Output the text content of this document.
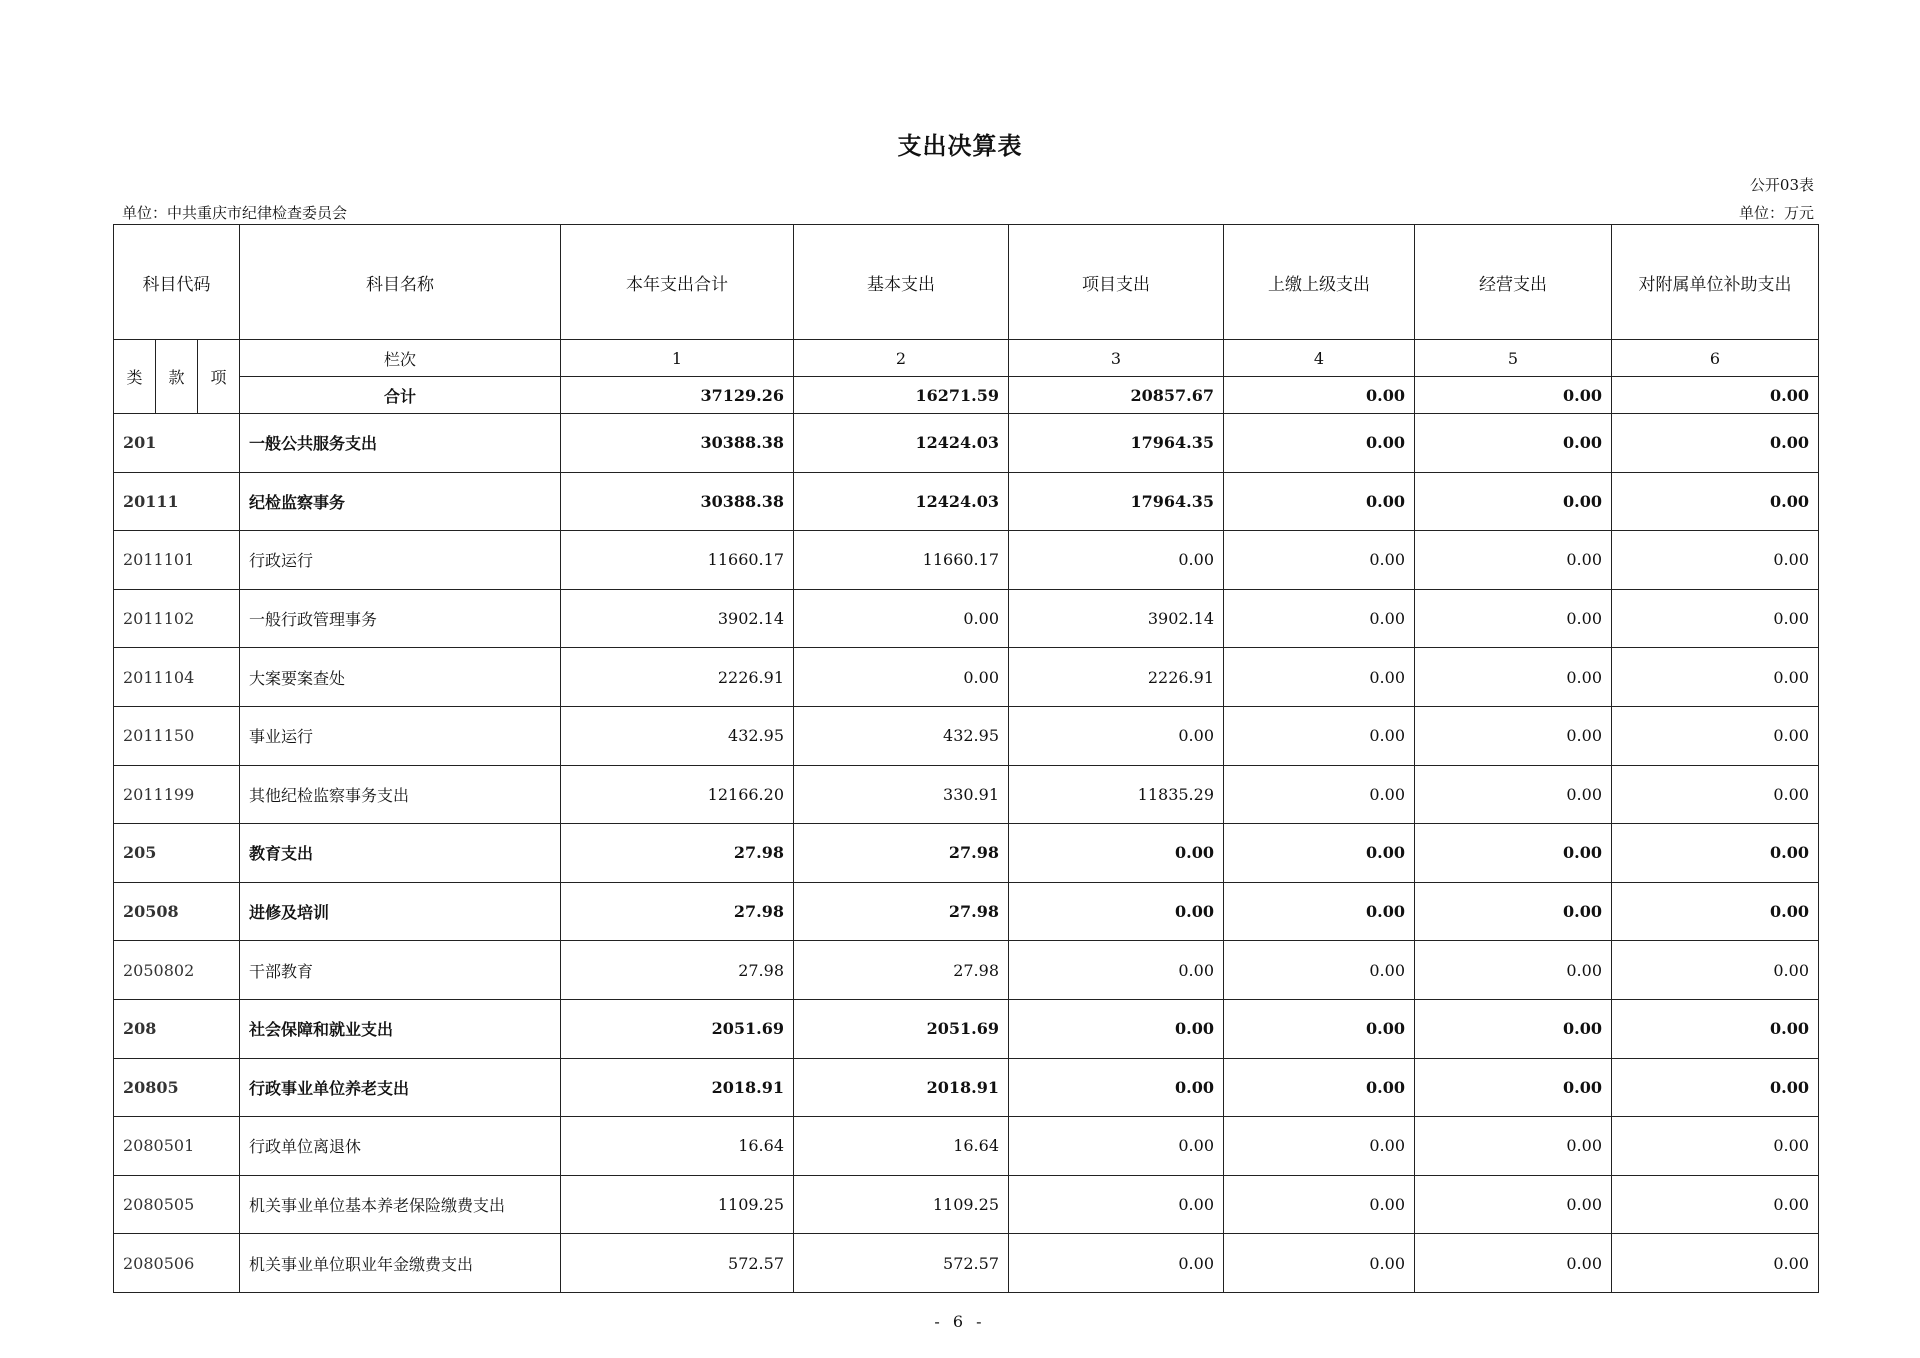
支出决算表
公开03表
单位：中共重庆市纪律检查委员会	单位：万元
科目代码			科目名称	本年支出合计	基本支出	项目支出	上缴上级支出	经营支出	对附属单位补助支出
类	款	项	栏次	1	2	3	4	5	6
			合计	37129.26	16271.59	20857.67	0.00	0.00	0.00
201			一般公共服务支出	30388.38	12424.03	17964.35	0.00	0.00	0.00
20111			纪检监察事务	30388.38	12424.03	17964.35	0.00	0.00	0.00
2011101			行政运行	11660.17	11660.17	0.00	0.00	0.00	0.00
2011102			一般行政管理事务	3902.14	0.00	3902.14	0.00	0.00	0.00
2011104			大案要案查处	2226.91	0.00	2226.91	0.00	0.00	0.00
2011150			事业运行	432.95	432.95	0.00	0.00	0.00	0.00
2011199			其他纪检监察事务支出	12166.20	330.91	11835.29	0.00	0.00	0.00
205			教育支出	27.98	27.98	0.00	0.00	0.00	0.00
20508			进修及培训	27.98	27.98	0.00	0.00	0.00	0.00
2050802			干部教育	27.98	27.98	0.00	0.00	0.00	0.00
208			社会保障和就业支出	2051.69	2051.69	0.00	0.00	0.00	0.00
20805			行政事业单位养老支出	2018.91	2018.91	0.00	0.00	0.00	0.00
2080501			行政单位离退休	16.64	16.64	0.00	0.00	0.00	0.00
2080505			机关事业单位基本养老保险缴费支出	1109.25	1109.25	0.00	0.00	0.00	0.00
2080506			机关事业单位职业年金缴费支出	572.57	572.57	0.00	0.00	0.00	0.00
- 6 -
